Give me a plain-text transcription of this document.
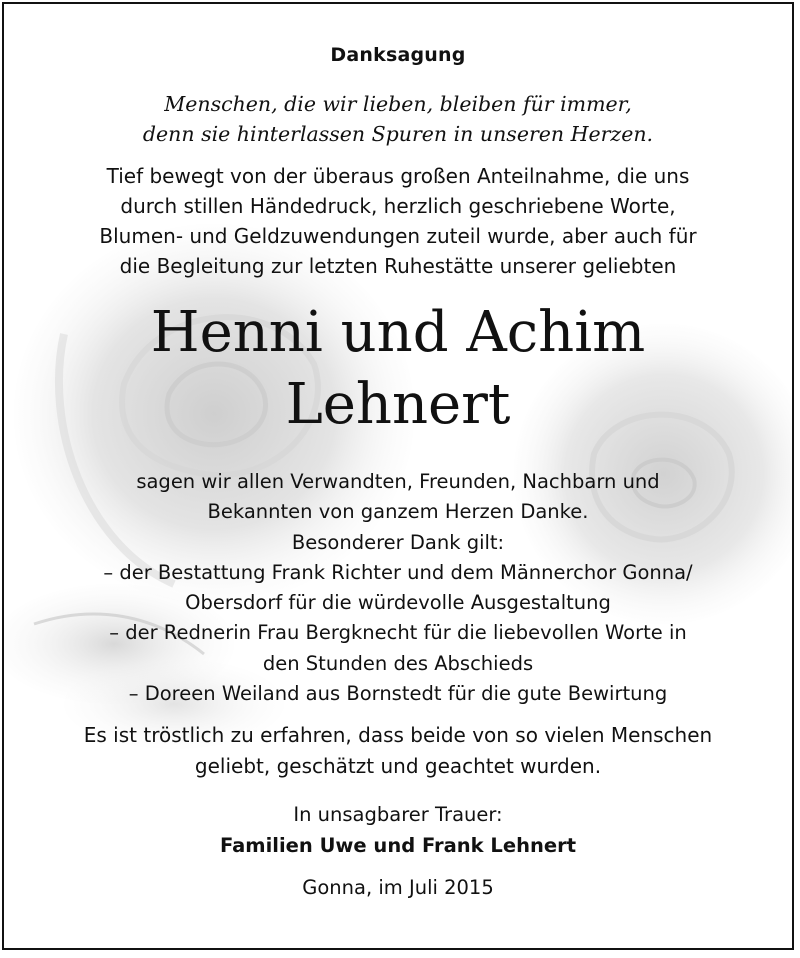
Danksagung
Menschen, die wir lieben, bleiben für immer,
denn sie hinterlassen Spuren in unseren Herzen.
Tief bewegt von der überaus großen Anteilnahme, die uns
durch stillen Händedruck, herzlich geschriebene Worte,
Blumen- und Geldzuwendungen zuteil wurde, aber auch für
die Begleitung zur letzten Ruhestätte unserer geliebten
Henni und Achim
Lehnert
sagen wir allen Verwandten, Freunden, Nachbarn und
Bekannten von ganzem Herzen Danke.
Besonderer Dank gilt:
– der Bestattung Frank Richter und dem Männerchor Gonna/
Obersdorf für die würdevolle Ausgestaltung
– der Rednerin Frau Bergknecht für die liebevollen Worte in
den Stunden des Abschieds
– Doreen Weiland aus Bornstedt für die gute Bewirtung
Es ist tröstlich zu erfahren, dass beide von so vielen Menschen
geliebt, geschätzt und geachtet wurden.
In unsagbarer Trauer:
Familien Uwe und Frank Lehnert
Gonna, im Juli 2015
